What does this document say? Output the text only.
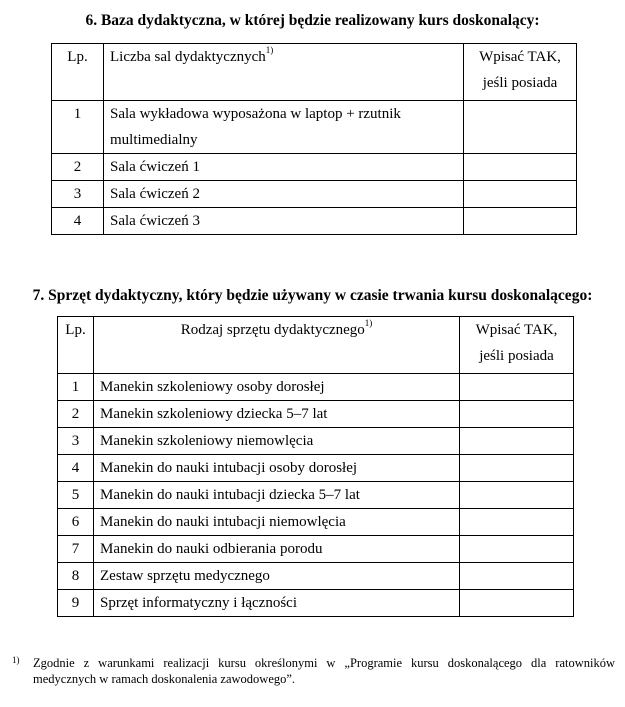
6. Baza dydaktyczna, w której będzie realizowany kurs doskonalący:
Lp.	Liczba sal dydaktycznych$^{1)}$	Wpisać TAK,
jeśli posiada
1	Sala wykładowa wyposażona w laptop + rzutnik multimedialny	
2	Sala ćwiczeń 1	
3	Sala ćwiczeń 2	
4	Sala ćwiczeń 3	
7. Sprzęt dydaktyczny, który będzie używany w czasie trwania kursu doskonalącego:
Lp.	Rodzaj sprzętu dydaktycznego$^{1)}$	Wpisać TAK,
jeśli posiada
1	Manekin szkoleniowy osoby dorosłej	
2	Manekin szkoleniowy dziecka 5–7 lat	
3	Manekin szkoleniowy niemowlęcia	
4	Manekin do nauki intubacji osoby dorosłej	
5	Manekin do nauki intubacji dziecka 5–7 lat	
6	Manekin do nauki intubacji niemowlęcia	
7	Manekin do nauki odbierania porodu	
8	Zestaw sprzętu medycznego	
9	Sprzęt informatyczny i łączności	
1) Zgodnie z warunkami realizacji kursu określonymi w „Programie kursu doskonalącego dla ratowników medycznych w ramach doskonalenia zawodowego”.
